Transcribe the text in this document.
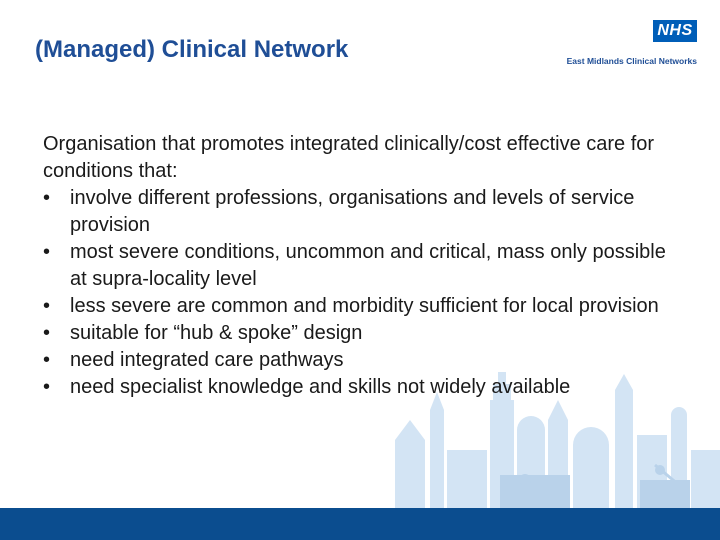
(Managed) Clinical Network
NHS
East Midlands Clinical Networks
Organisation that promotes integrated clinically/cost effective care for conditions that:
• involve different professions, organisations and levels of service provision
• most severe conditions, uncommon and critical, mass only possible at supra-locality level
• less severe are common and morbidity sufficient for local provision
• suitable for “hub & spoke” design
• need integrated care pathways
• need specialist knowledge and skills not widely available
